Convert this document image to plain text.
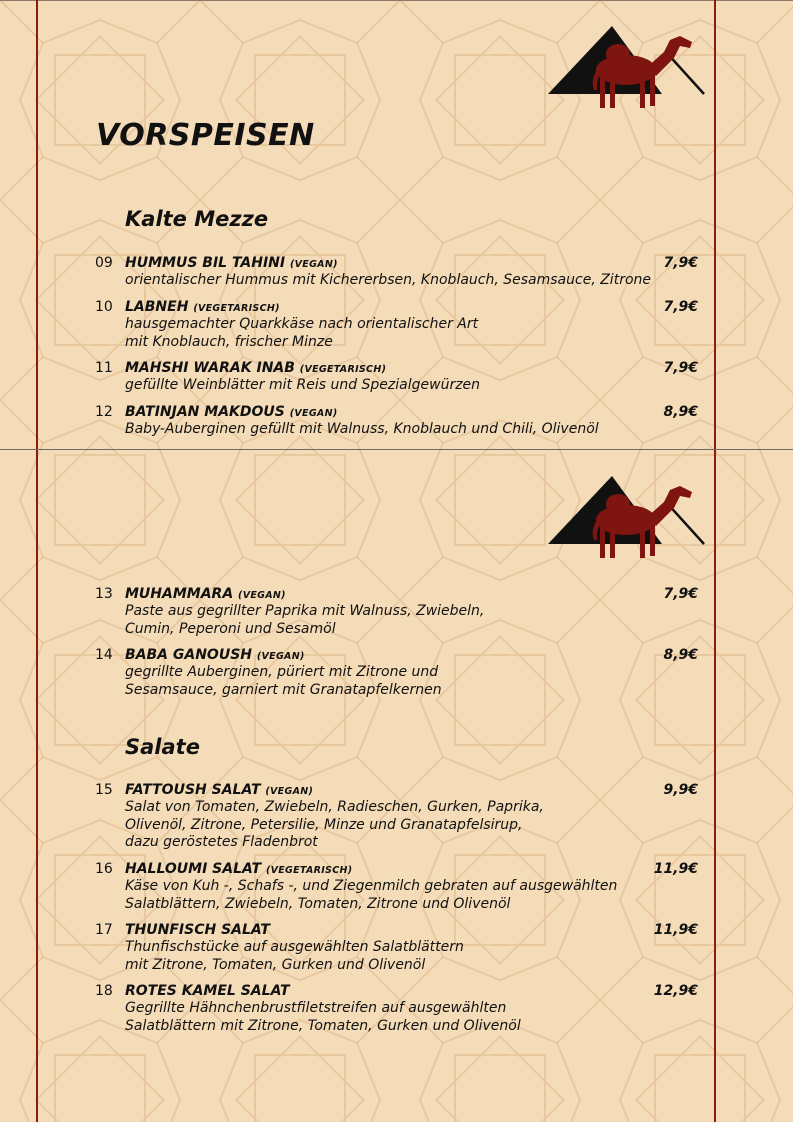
VORSPEISEN
Kalte Mezze
Salate
09 HUMMUS BIL TAHINI (VEGAN)	7,9€
orientalischer Hummus mit Kichererbsen, Knoblauch, Sesamsauce, Zitrone
10 LABNEH (VEGETARISCH)	7,9€
hausgemachter Quarkkäse nach orientalischer Art
mit Knoblauch, frischer Minze
11 MAHSHI WARAK INAB (VEGETARISCH)	7,9€
gefüllte Weinblätter mit Reis und Spezialgewürzen
12 BATINJAN MAKDOUS (VEGAN)	8,9€
Baby-Auberginen gefüllt mit Walnuss, Knoblauch und Chili, Olivenöl
13 MUHAMMARA (VEGAN)	7,9€
Paste aus gegrillter Paprika mit Walnuss, Zwiebeln,
Cumin, Peperoni und Sesamöl
14 BABA GANOUSH (VEGAN)	8,9€
gegrillte Auberginen, püriert mit Zitrone und
Sesamsauce, garniert mit Granatapfelkernen
15 FATTOUSH SALAT (VEGAN)	9,9€
Salat von Tomaten, Zwiebeln, Radieschen, Gurken, Paprika,
Olivenöl, Zitrone, Petersilie, Minze und Granatapfelsirup,
dazu geröstetes Fladenbrot
16 HALLOUMI SALAT (VEGETARISCH)	11,9€
Käse von Kuh -, Schafs -, und Ziegenmilch gebraten auf ausgewählten
Salatblättern, Zwiebeln, Tomaten, Zitrone und Olivenöl
17 THUNFISCH SALAT	11,9€
Thunfischstücke auf ausgewählten Salatblättern
mit Zitrone, Tomaten, Gurken und Olivenöl
18 ROTES KAMEL SALAT	12,9€
Gegrillte Hähnchenbrustfiletstreifen auf ausgewählten
Salatblättern mit Zitrone, Tomaten, Gurken und Olivenöl
